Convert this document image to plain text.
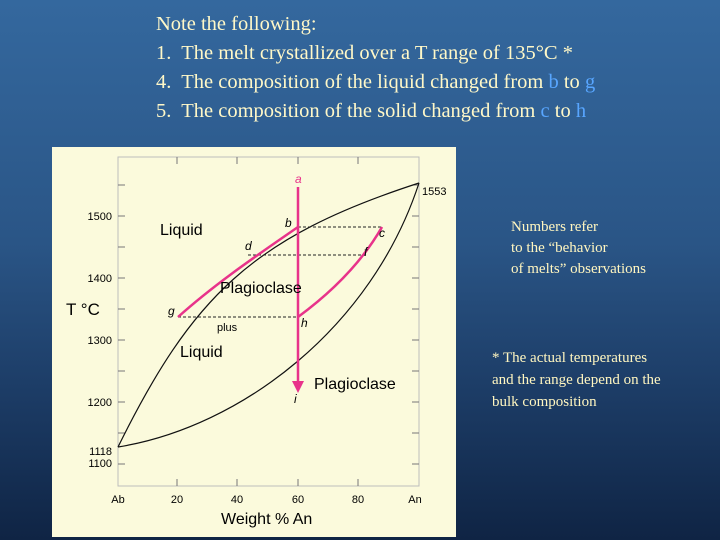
Note the following:
1. The melt crystallized over a T range of 135°C *
4. The composition of the liquid changed from b to g
5. The composition of the solid changed from c to h
1500
1400
1300
1200
1118
1100
Ab	20	40	60	80	An
Weight % An
T °C
1553
Liquid
Plagioclase
plus
Liquid
Plagioclase
a
b
c
d	f
g
h
i
Numbers refer
to the “behavior
of melts” observations
* The actual temperatures
and the range depend on the
bulk composition
